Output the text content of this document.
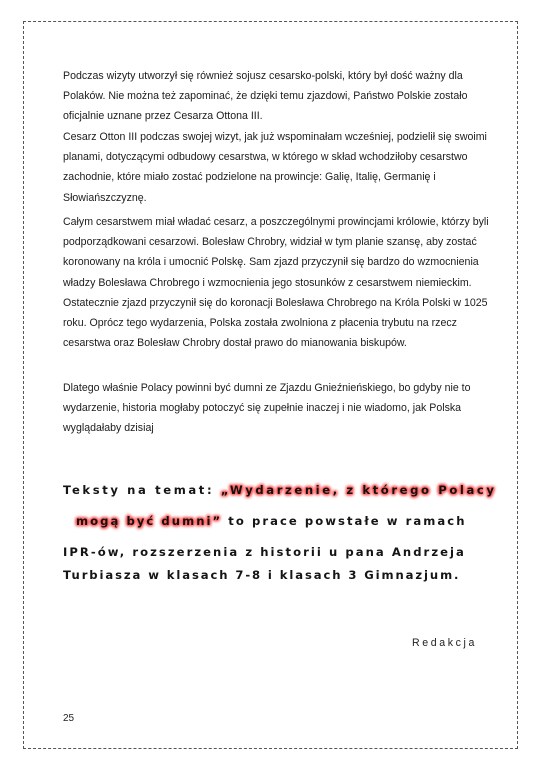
Podczas wizyty utworzył się również sojusz cesarsko-polski, który był dość ważny dla Polaków. Nie można też zapominać, że dzięki temu zjazdowi, Państwo Polskie zostało oficjalnie uznane przez Cesarza Ottona III.

Cesarz Otton III podczas swojej wizyt, jak już wspominałam wcześniej, podzielił się swoimi planami, dotyczącymi odbudowy cesarstwa, w którego w skład wchodziłoby cesarstwo zachodnie, które miało zostać podzielone na prowincje: Galię, Italię, Germanię i Słowiańszczyznę.

Całym cesarstwem miał władać cesarz, a poszczególnymi prowincjami królowie, którzy byli podporządkowani cesarzowi. Bolesław Chrobry, widział w tym planie szansę, aby zostać koronowany na króla i umocnić Polskę. Sam zjazd przyczynił się bardzo do wzmocnienia władzy Bolesława Chrobrego i wzmocnienia jego stosunków z cesarstwem niemieckim. Ostatecznie zjazd przyczynił się do koronacji Bolesława Chrobrego na Króla Polski w 1025 roku. Oprócz tego wydarzenia, Polska została zwolniona z płacenia trybutu na rzecz cesarstwa oraz Bolesław Chrobry dostał prawo do mianowania biskupów.

Dlatego właśnie Polacy powinni być dumni ze Zjazdu Gnieźnieńskiego, bo gdyby nie to wydarzenie, historia mogłaby potoczyć się zupełnie inaczej i nie wiadomo, jak Polska wyglądałaby dzisiaj

Teksty na temat: „Wydarzenie, z którego Polacy
mogą być dumni” to prace powstałe w ramach
IPR-ów, rozszerzenia z historii u pana Andrzeja
Turbiasza w klasach 7-8 i klasach 3 Gimnazjum.
Redakcja
25
